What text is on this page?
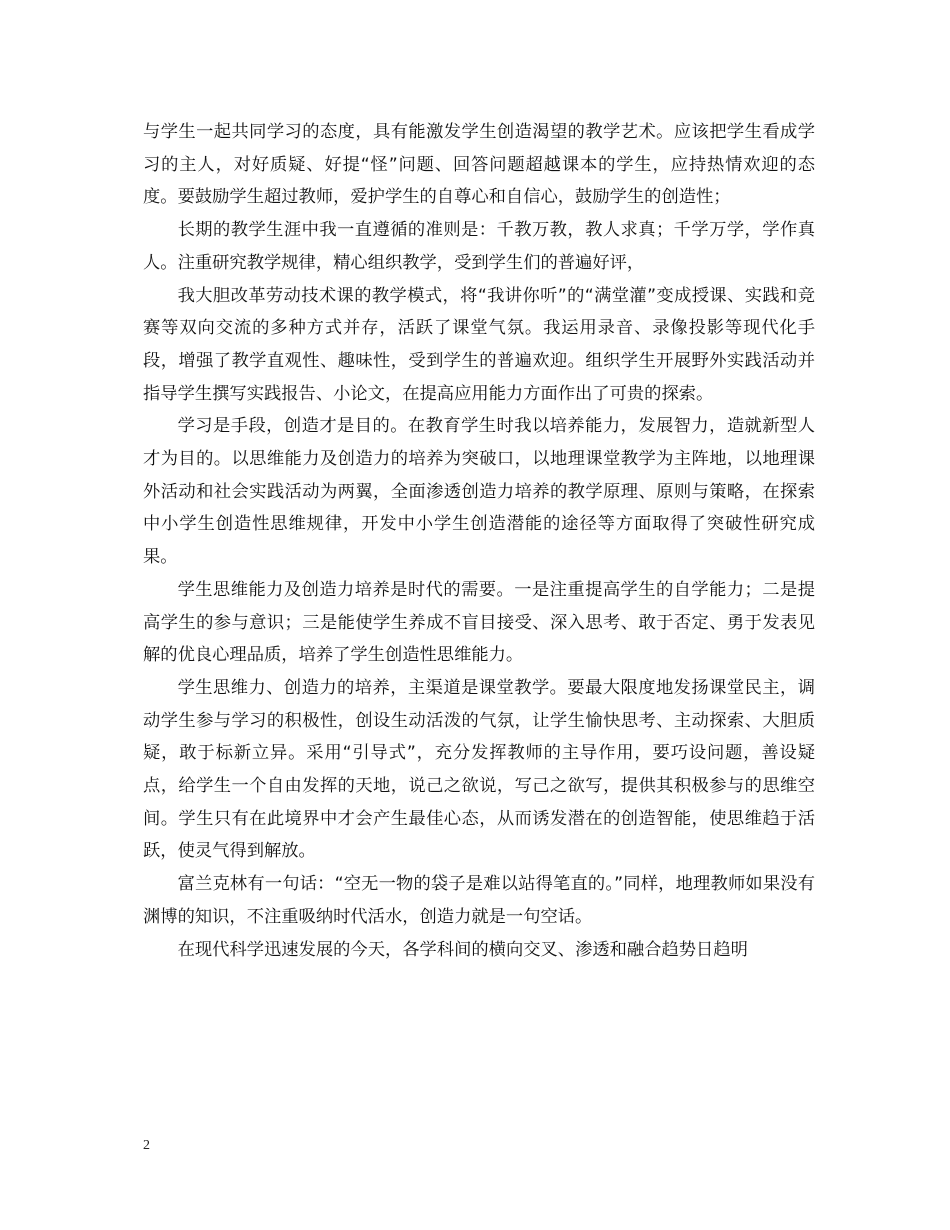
与学生一起共同学习的态度，具有能激发学生创造渴望的教学艺术。应该把学生看成学习的主人，对好质疑、好提“怪”问题、回答问题超越课本的学生，应持热情欢迎的态度。要鼓励学生超过教师，爱护学生的自尊心和自信心，鼓励学生的创造性；

长期的教学生涯中我一直遵循的准则是：千教万教，教人求真；千学万学，学作真人。注重研究教学规律，精心组织教学，受到学生们的普遍好评，

我大胆改革劳动技术课的教学模式，将“我讲你听”的“满堂灌”变成授课、实践和竞赛等双向交流的多种方式并存，活跃了课堂气氛。我运用录音、录像投影等现代化手段，增强了教学直观性、趣味性，受到学生的普遍欢迎。组织学生开展野外实践活动并指导学生撰写实践报告、小论文，在提高应用能力方面作出了可贵的探索。

学习是手段，创造才是目的。在教育学生时我以培养能力，发展智力，造就新型人才为目的。以思维能力及创造力的培养为突破口，以地理课堂教学为主阵地，以地理课外活动和社会实践活动为两翼，全面渗透创造力培养的教学原理、原则与策略，在探索中小学生创造性思维规律，开发中小学生创造潜能的途径等方面取得了突破性研究成果。

学生思维能力及创造力培养是时代的需要。一是注重提高学生的自学能力；二是提高学生的参与意识；三是能使学生养成不盲目接受、深入思考、敢于否定、勇于发表见解的优良心理品质，培养了学生创造性思维能力。

学生思维力、创造力的培养，主渠道是课堂教学。要最大限度地发扬课堂民主，调动学生参与学习的积极性，创设生动活泼的气氛，让学生愉快思考、主动探索、大胆质疑，敢于标新立异。采用“引导式”，充分发挥教师的主导作用，要巧设问题，善设疑点，给学生一个自由发挥的天地，说己之欲说，写己之欲写，提供其积极参与的思维空间。学生只有在此境界中才会产生最佳心态，从而诱发潜在的创造智能，使思维趋于活跃，使灵气得到解放。

富兰克林有一句话：“空无一物的袋子是难以站得笔直的。”同样，地理教师如果没有渊博的知识，不注重吸纳时代活水，创造力就是一句空话。

在现代科学迅速发展的今天，各学科间的横向交叉、渗透和融合趋势日趋明

2
